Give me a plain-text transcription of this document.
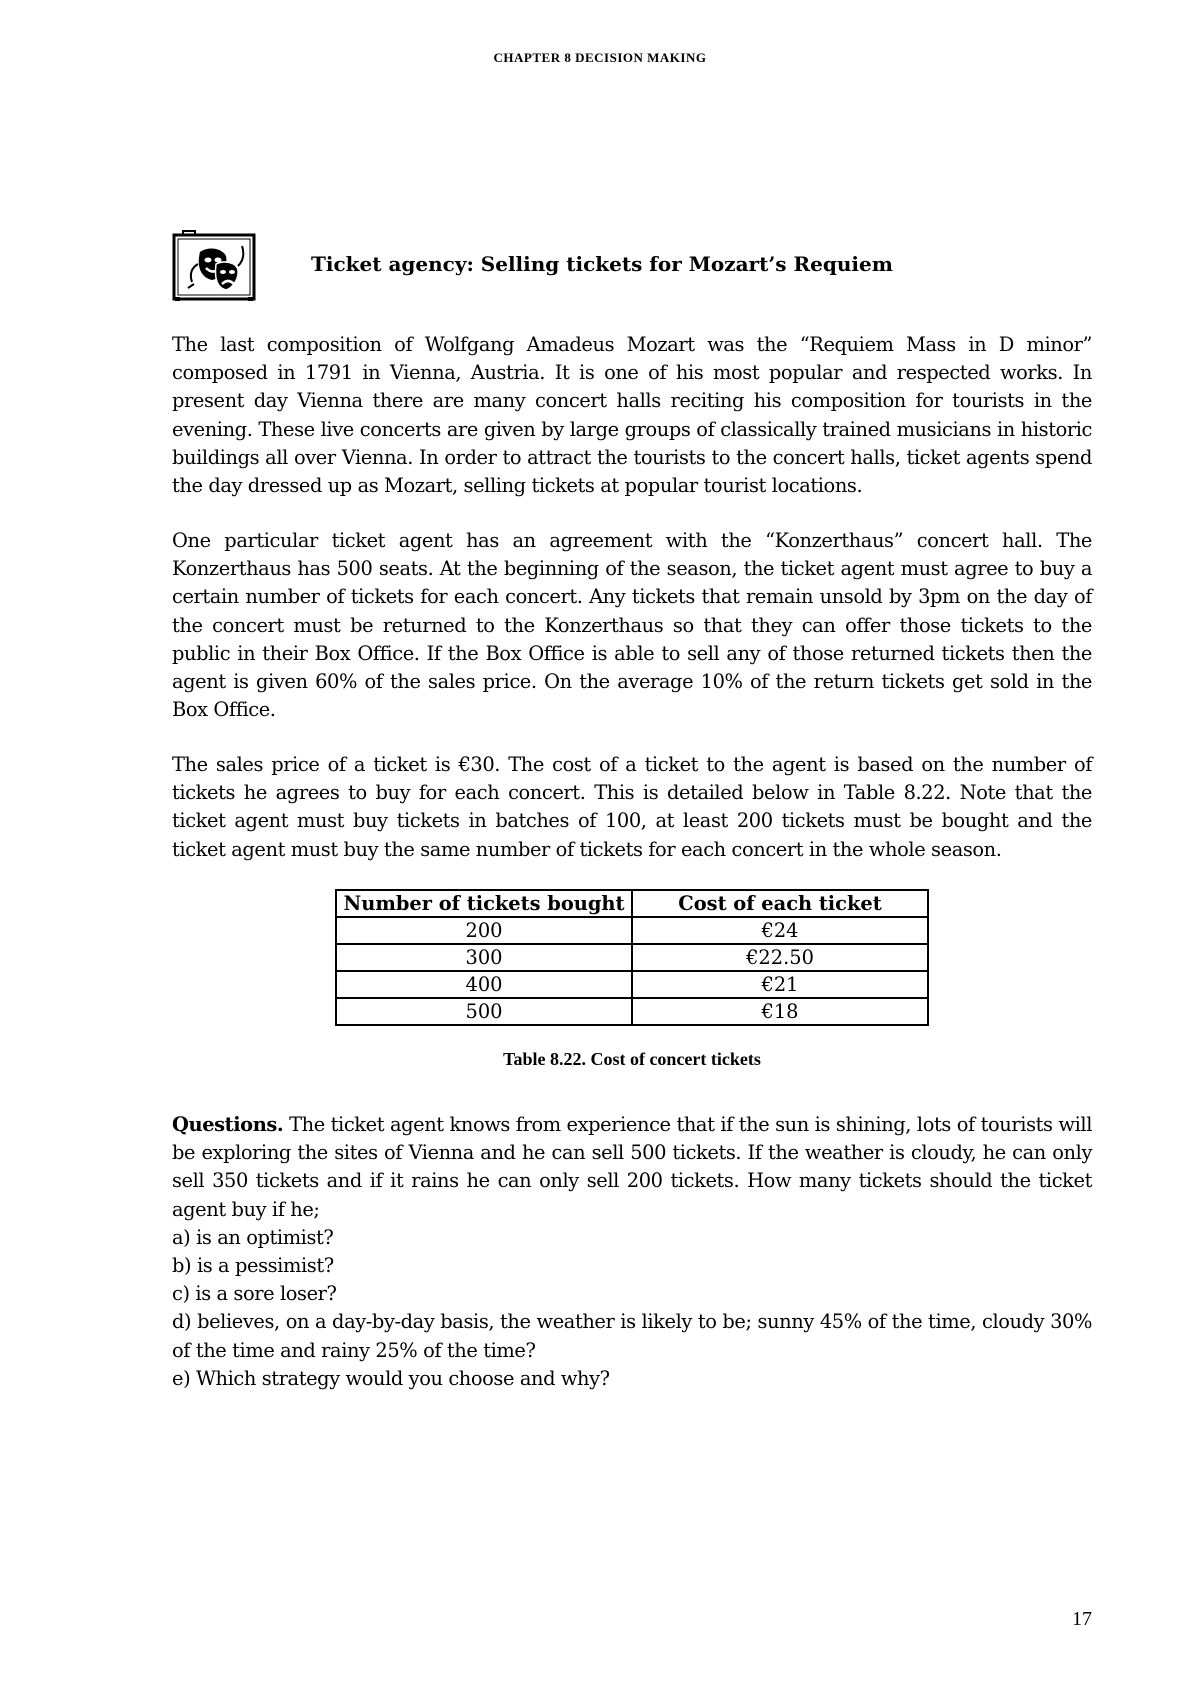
CHAPTER 8 DECISION MAKING
Ticket agency: Selling tickets for Mozart’s Requiem
The last composition of Wolfgang Amadeus Mozart was the “Requiem Mass in D minor” composed in 1791 in Vienna, Austria. It is one of his most popular and respected works. In present day Vienna there are many concert halls reciting his composition for tourists in the evening. These live concerts are given by large groups of classically trained musicians in historic buildings all over Vienna. In order to attract the tourists to the concert halls, ticket agents spend the day dressed up as Mozart, selling tickets at popular tourist locations.
One particular ticket agent has an agreement with the “Konzerthaus” concert hall. The Konzerthaus has 500 seats. At the beginning of the season, the ticket agent must agree to buy a certain number of tickets for each concert. Any tickets that remain unsold by 3pm on the day of the concert must be returned to the Konzerthaus so that they can offer those tickets to the public in their Box Office. If the Box Office is able to sell any of those returned tickets then the agent is given 60% of the sales price. On the average 10% of the return tickets get sold in the Box Office.
The sales price of a ticket is €30. The cost of a ticket to the agent is based on the number of tickets he agrees to buy for each concert. This is detailed below in Table 8.22. Note that the ticket agent must buy tickets in batches of 100, at least 200 tickets must be bought and the ticket agent must buy the same number of tickets for each concert in the whole season.
Number of tickets bought	Cost of each ticket
200	€24
300	€22.50
400	€21
500	€18
Table 8.22. Cost of concert tickets
Questions. The ticket agent knows from experience that if the sun is shining, lots of tourists will be exploring the sites of Vienna and he can sell 500 tickets. If the weather is cloudy, he can only sell 350 tickets and if it rains he can only sell 200 tickets. How many tickets should the ticket agent buy if he;
a) is an optimist?
b) is a pessimist?
c) is a sore loser?
d) believes, on a day-by-day basis, the weather is likely to be; sunny 45% of the time, cloudy 30% of the time and rainy 25% of the time?
e) Which strategy would you choose and why?
17
